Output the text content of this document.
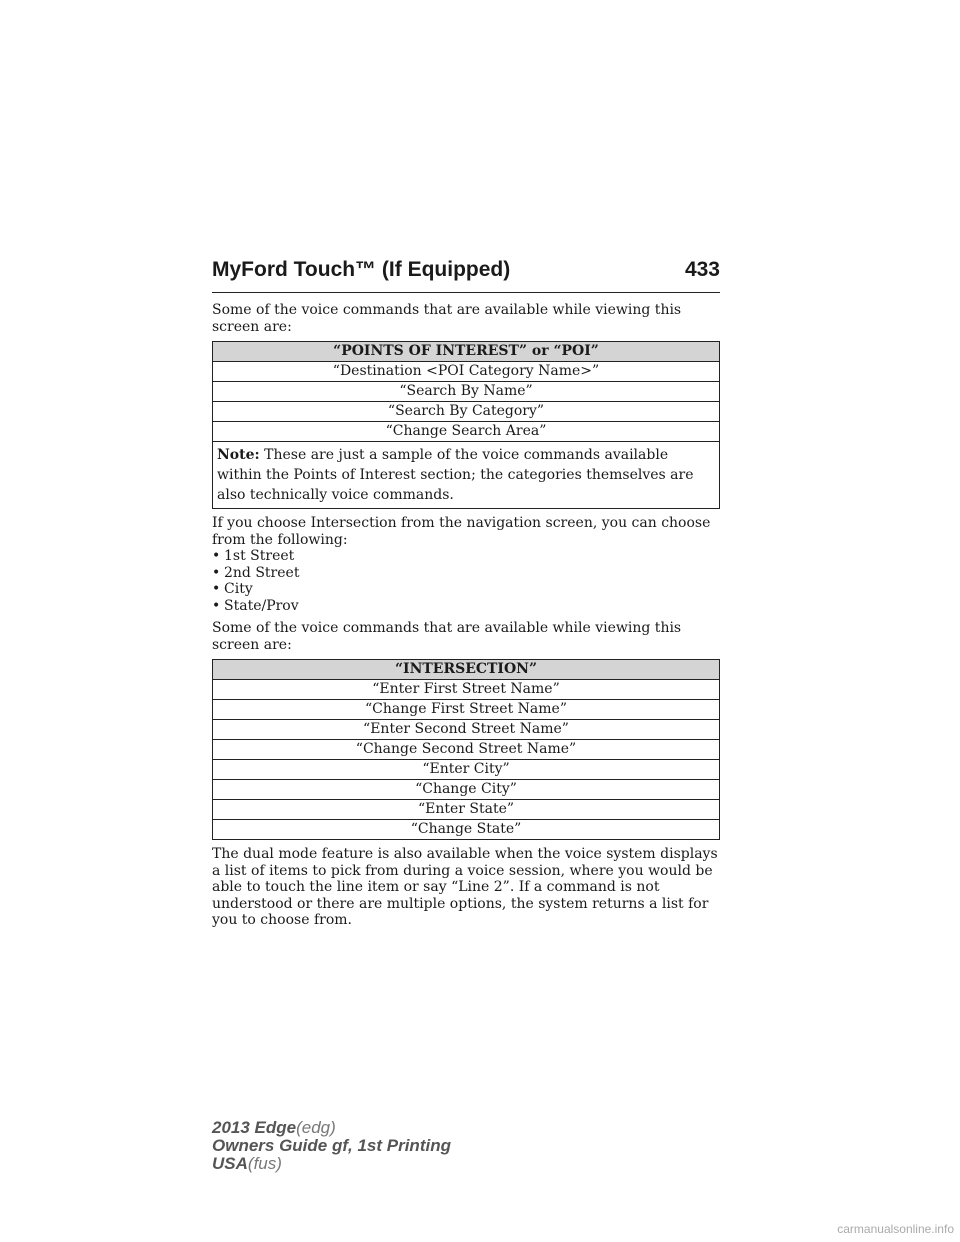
MyFord Touch™ (If Equipped)	433

Some of the voice commands that are available while viewing this screen are:

“POINTS OF INTEREST” or “POI”
“Destination <POI Category Name>”
“Search By Name”
“Search By Category”
“Change Search Area”
Note: These are just a sample of the voice commands available within the Points of Interest section; the categories themselves are also technically voice commands.

If you choose Intersection from the navigation screen, you can choose from the following:

• 1st Street
• 2nd Street
• City
• State/Prov

Some of the voice commands that are available while viewing this screen are:

“INTERSECTION”
“Enter First Street Name”
“Change First Street Name”
“Enter Second Street Name”
“Change Second Street Name”
“Enter City”
“Change City”
“Enter State”
“Change State”

The dual mode feature is also available when the voice system displays a list of items to pick from during a voice session, where you would be able to touch the line item or say “Line 2”. If a command is not understood or there are multiple options, the system returns a list for you to choose from.

2013 Edge(edg)
Owners Guide gf, 1st Printing
USA(fus)
carmanualsonline.info
